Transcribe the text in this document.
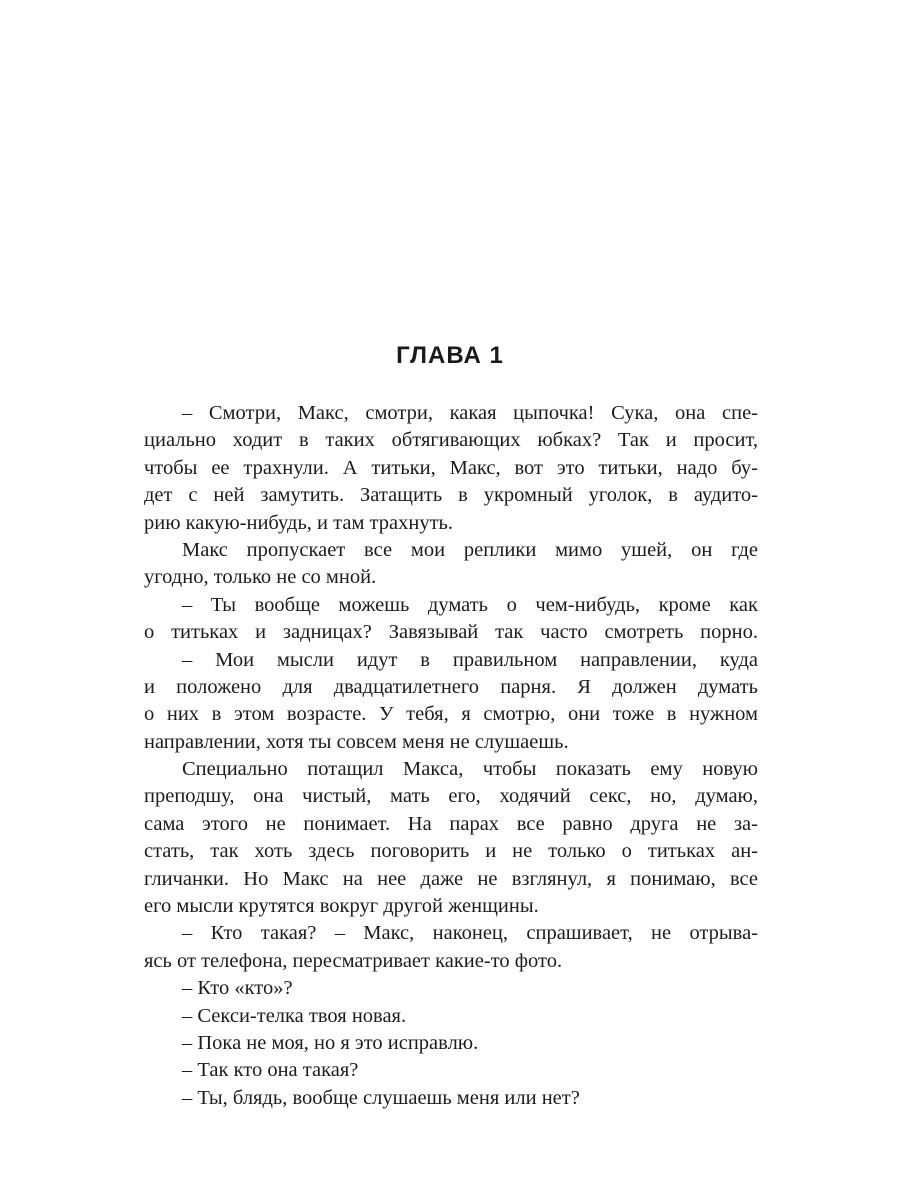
ГЛАВА 1
– Смотри, Макс, смотри, какая цыпочка! Сука, она спе-
циально ходит в таких обтягивающих юбках? Так и просит,
чтобы ее трахнули. А титьки, Макс, вот это титьки, надо бу-
дет с ней замутить. Затащить в укромный уголок, в аудито-
рию какую-нибудь, и там трахнуть.
Макс пропускает все мои реплики мимо ушей, он где
угодно, только не со мной.
– Ты вообще можешь думать о чем-нибудь, кроме как
о титьках и задницах? Завязывай так часто смотреть порно.
– Мои мысли идут в правильном направлении, куда
и положено для двадцатилетнего парня. Я должен думать
о них в этом возрасте. У тебя, я смотрю, они тоже в нужном
направлении, хотя ты совсем меня не слушаешь.
Специально потащил Макса, чтобы показать ему новую
преподшу, она чистый, мать его, ходячий секс, но, думаю,
сама этого не понимает. На парах все равно друга не за-
стать, так хоть здесь поговорить и не только о титьках ан-
гличанки. Но Макс на нее даже не взглянул, я понимаю, все
его мысли крутятся вокруг другой женщины.
– Кто такая? – Макс, наконец, спрашивает, не отрыва-
ясь от телефона, пересматривает какие-то фото.
– Кто «кто»?
– Секси-телка твоя новая.
– Пока не моя, но я это исправлю.
– Так кто она такая?
– Ты, блядь, вообще слушаешь меня или нет?
